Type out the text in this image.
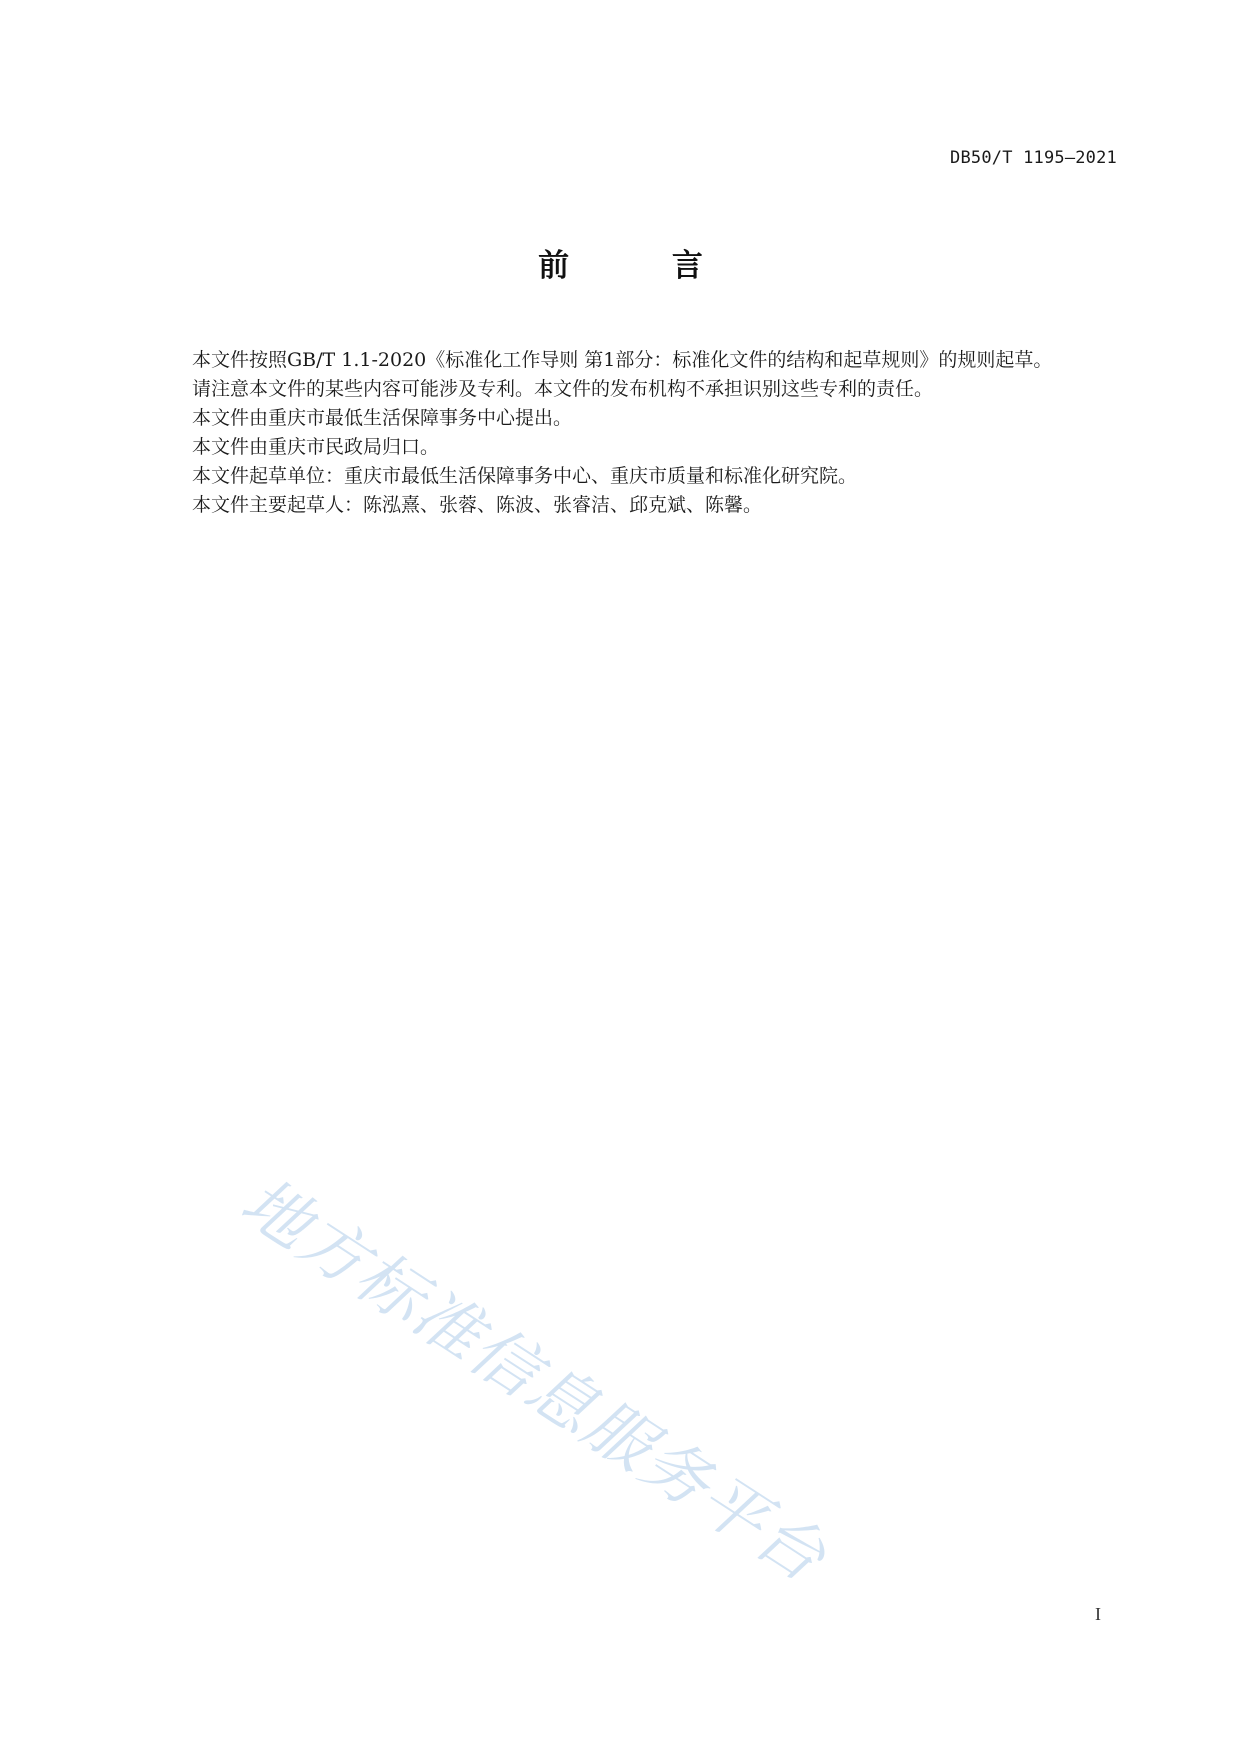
DB50/T 1195—2021
前 言

本文件按照GB/T 1.1-2020《标准化工作导则 第1部分：标准化文件的结构和起草规则》的规则起草。

请注意本文件的某些内容可能涉及专利。本文件的发布机构不承担识别这些专利的责任。

本文件由重庆市最低生活保障事务中心提出。

本文件由重庆市民政局归口。

本文件起草单位：重庆市最低生活保障事务中心、重庆市质量和标准化研究院。

本文件主要起草人：陈泓熹、张蓉、陈波、张睿洁、邱克斌、陈馨。

地方标准信息服务平台
I
